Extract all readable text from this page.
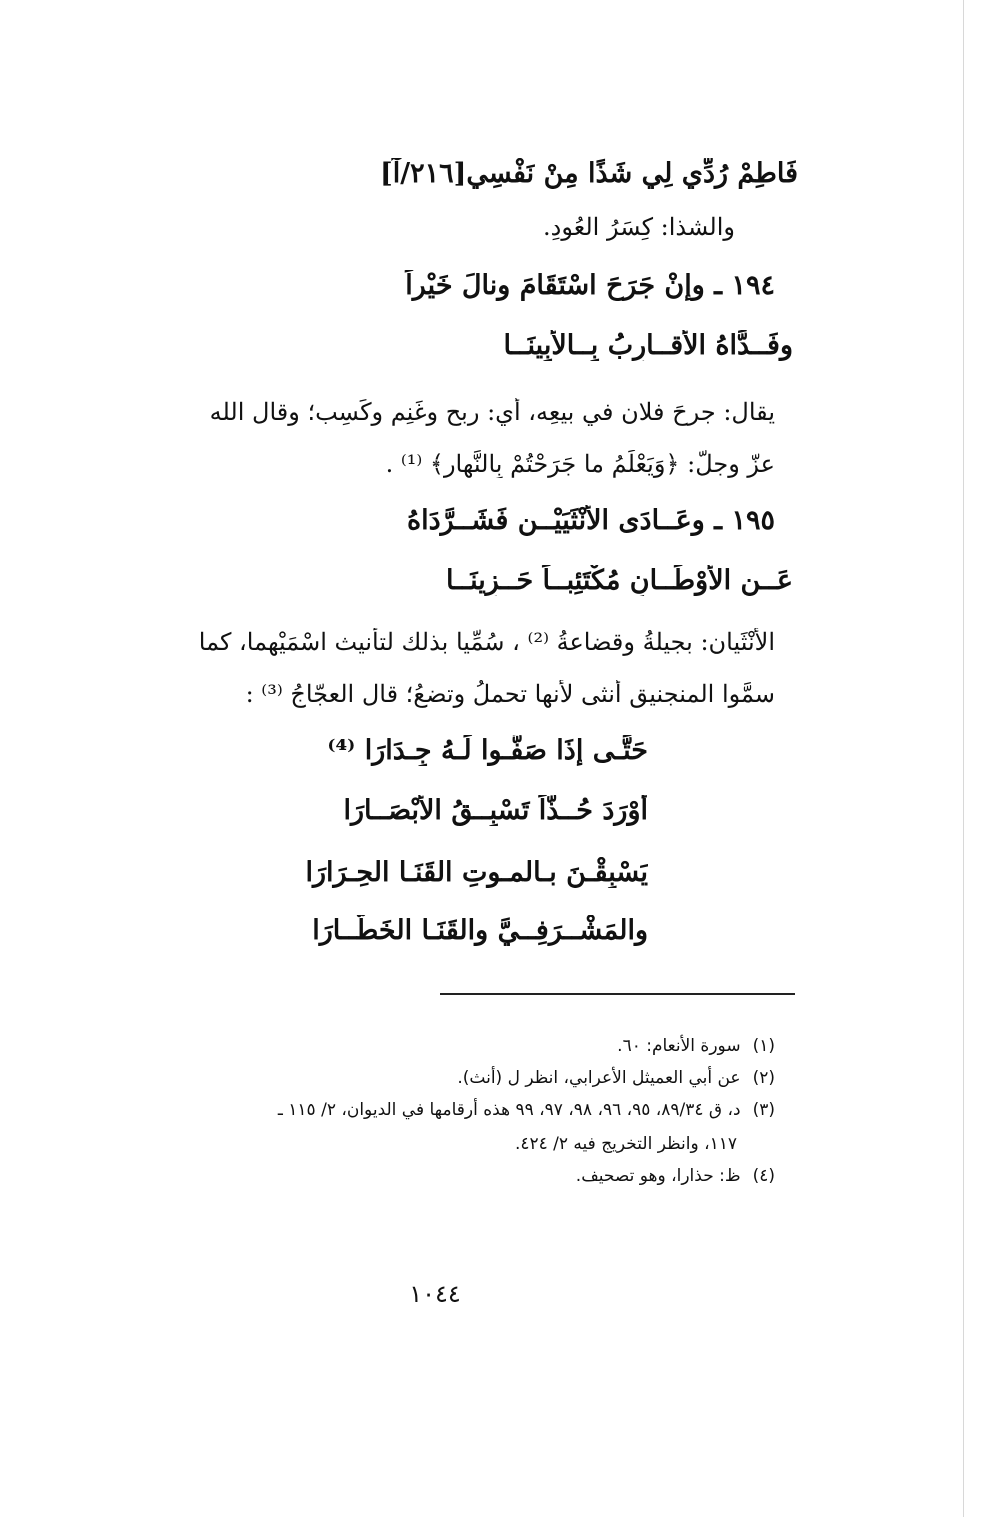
فَاطِمْ رُدِّي لِي شَذًا مِنْ نَفْسِي[٢١٦/آ]
والشذا: كِسَرُ العُودِ.
١٩٤ ـ وإِنْ جَرَحَ اسْتَقَامَ ونالَ خَيْراً
وفَــدَّاهُ الأَقــارِبُ بِــالأَبِينَــا
يقال: جرحَ فلان في بيعِه، أي: ربح وغَنِم وكَسِب؛ وقال الله
عزّ وجلّ: ﴿وَيَعْلَمُ ما جَرَحْتُمْ بِالنَّهارِ﴾ ⁽¹⁾ .
١٩٥ ـ وعَــادَى الأُنْثَيَيْــنِ فَشَــرَّدَاهُ
عَــنِ الأَوْطَــانِ مُكْتَئِبــاً حَــزِينَــا
الأُنْثَيانِ: بجيلةُ وقضاعةُ ⁽²⁾ ، سُمِّيا بذلك لتأنيث اسْمَيْهِما، كما
سمَّوا المنجنيق أنثى لأنها تحملُ وتضعُ؛ قال العجّاجُ ⁽³⁾ :
حَتَّـى إِذَا صَفُّـوا لَـهُ جِـدَارَا ⁽⁴⁾
أَوْرَدَ حُــذّاً تَسْبِــقُ الأَبْصَــارَا
يَسْبِقْـنَ بـالمـوتِ القَنَـا الحِـرَارَا
والمَشْــرَفِــيَّ والقَنَـا الخَطَّــارَا
(١)سورة الأنعام: ٦٠.
(٢)عن أبي العميثل الأعرابي، انظر ل (أنث).
(٣)د، ق ٨٩/٣٤، ٩٥، ٩٦، ٩٨، ٩٧، ٩٩ هذه أرقامها في الديوان، ٢/ ١١٥ ـ
١١٧، وانظر التخريج فيه ٢/ ٤٢٤.
(٤)ظ: حذارا، وهو تصحيف.
١٠٤٤
